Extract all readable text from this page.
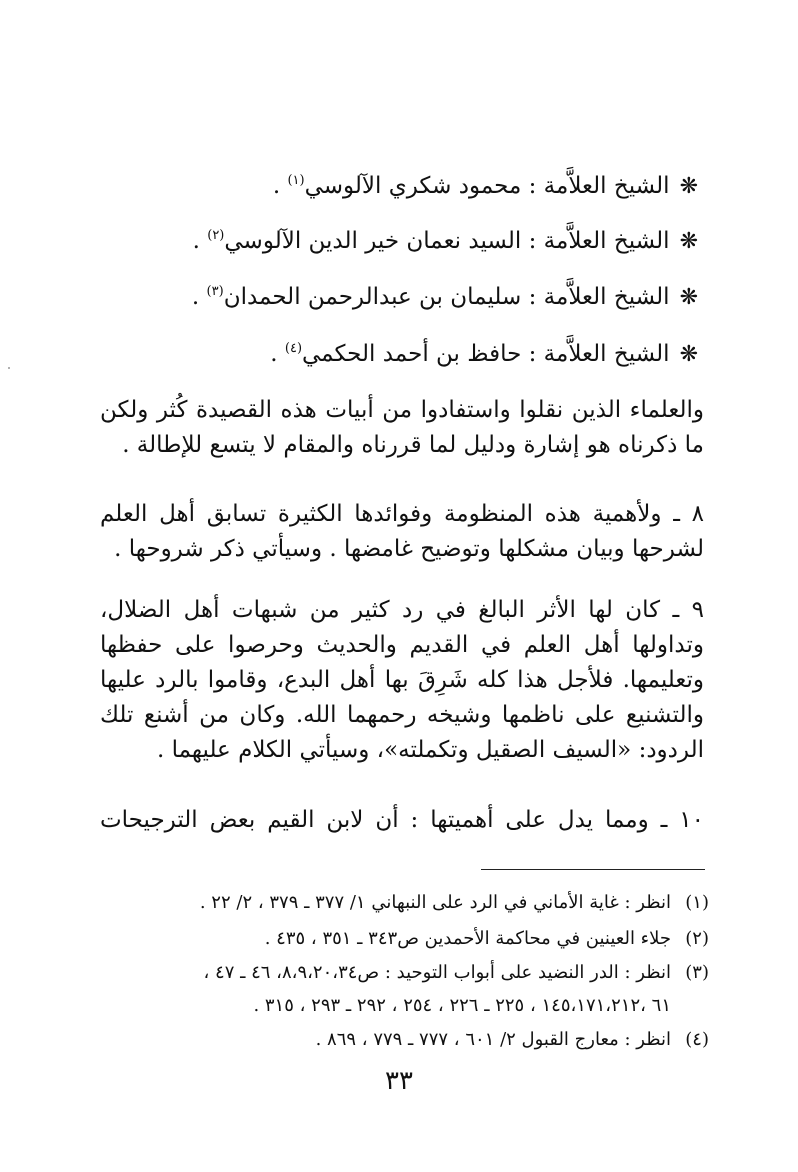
❋الشيخ العلاَّمة : محمود شكري الآلوسي$^{(١)}$ .
❋الشيخ العلاَّمة : السيد نعمان خير الدين الآلوسي$^{(٢)}$ .
❋الشيخ العلاَّمة : سليمان بن عبدالرحمن الحمدان$^{(٣)}$ .
❋الشيخ العلاَّمة : حافظ بن أحمد الحكمي$^{(٤)}$ .
والعلماء الذين نقلوا واستفادوا من أبيات هذه القصيدة كُثر ولكن
ما ذكرناه هو إشارة ودليل لما قررناه والمقام لا يتسع للإطالة .
٨ ـ ولأهمية هذه المنظومة وفوائدها الكثيرة تسابق أهل العلم
لشرحها وبيان مشكلها وتوضيح غامضها . وسيأتي ذكر شروحها .
٩ ـ كان لها الأثر البالغ في رد كثير من شبهات أهل الضلال،
وتداولها أهل العلم في القديم والحديث وحرصوا على حفظها
وتعليمها. فلأجل هذا كله شَرِقَ بها أهل البدع، وقاموا بالرد عليها
والتشنيع على ناظمها وشيخه رحمهما الله. وكان من أشنع تلك
الردود: «السيف الصقيل وتكملته»، وسيأتي الكلام عليهما .
١٠ ـ ومما يدل على أهميتها : أن لابن القيم بعض الترجيحات
(١)انظر : غاية الأماني في الرد على النبهاني ١/ ٣٧٧ ـ ٣٧٩ ، ٢/ ٢٢ .
(٢)جلاء العينين في محاكمة الأحمدين ص٣٤٣ ـ ٣٥١ ، ٤٣٥ .
(٣)انظر : الدر النضيد على أبواب التوحيد : ص٨،٩،٢٠،٣٤، ٤٦ ـ ٤٧ ،
٦١ ،١٤٥،١٧١،٢١٢ ، ٢٢٥ ـ ٢٢٦ ، ٢٥٤ ، ٢٩٢ ـ ٢٩٣ ، ٣١٥ .
(٤)انظر : معارج القبول ٢/ ٦٠١ ، ٧٧٧ ـ ٧٧٩ ، ٨٦٩ .
٣٣
